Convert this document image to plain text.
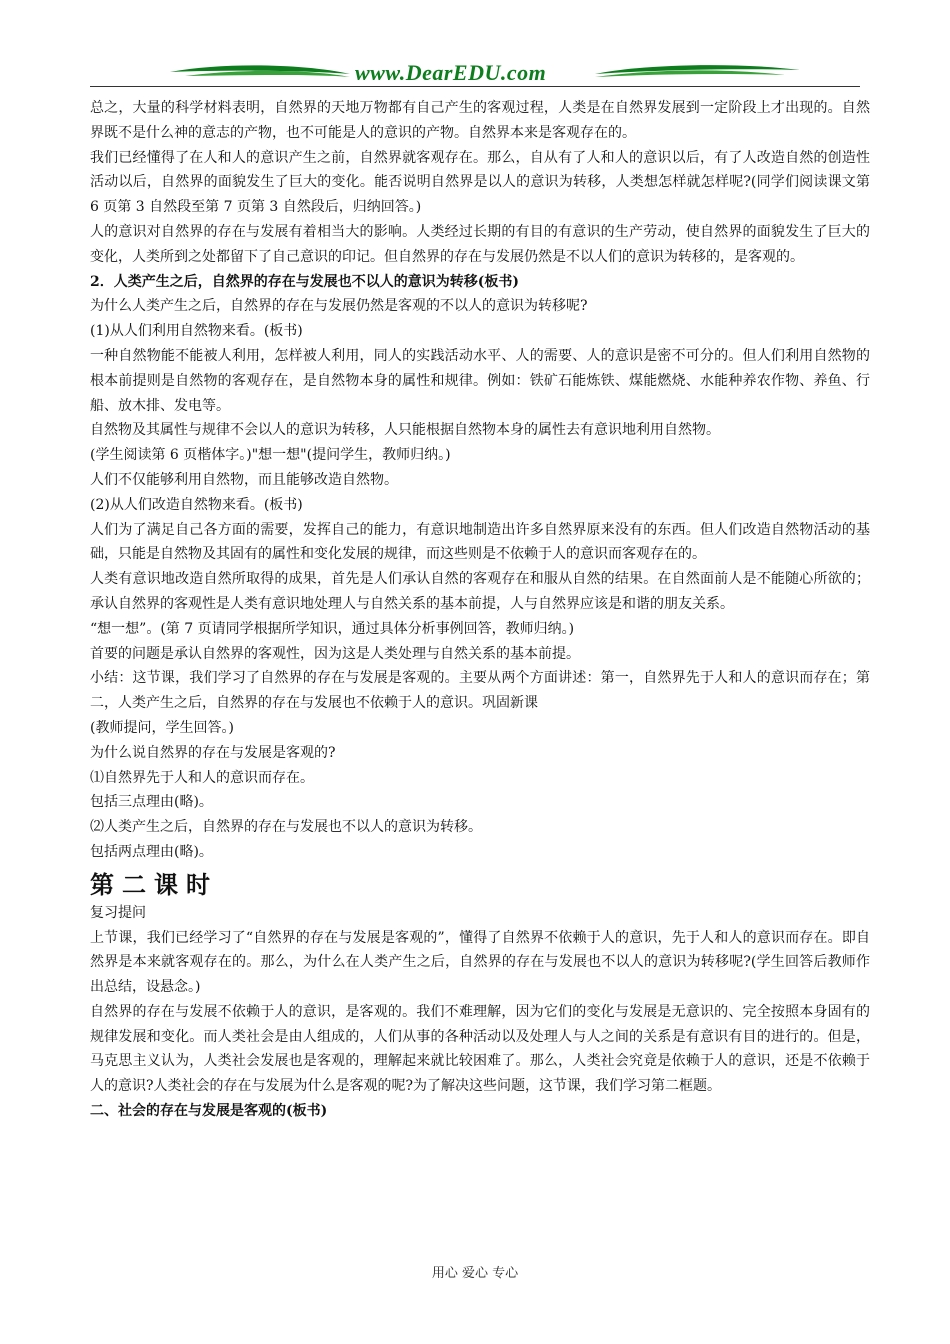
www.DearEDU.com

总之，大量的科学材料表明，自然界的天地万物都有自己产生的客观过程，人类是在自然界发展到一定阶段上才出现的。自然界既不是什么神的意志的产物，也不可能是人的意识的产物。自然界本来是客观存在的。

我们已经懂得了在人和人的意识产生之前，自然界就客观存在。那么，自从有了人和人的意识以后，有了人改造自然的创造性活动以后，自然界的面貌发生了巨大的变化。能否说明自然界是以人的意识为转移，人类想怎样就怎样呢?(同学们阅读课文第 6 页第 3 自然段至第 7 页第 3 自然段后，归纳回答。)

人的意识对自然界的存在与发展有着相当大的影响。人类经过长期的有目的有意识的生产劳动，使自然界的面貌发生了巨大的变化，人类所到之处都留下了自己意识的印记。但自然界的存在与发展仍然是不以人们的意识为转移的，是客观的。

2．人类产生之后，自然界的存在与发展也不以人的意识为转移(板书)

为什么人类产生之后，自然界的存在与发展仍然是客观的不以人的意识为转移呢?

(1)从人们利用自然物来看。(板书)

一种自然物能不能被人利用，怎样被人利用，同人的实践活动水平、人的需要、人的意识是密不可分的。但人们利用自然物的根本前提则是自然物的客观存在，是自然物本身的属性和规律。例如：铁矿石能炼铁、煤能燃烧、水能种养农作物、养鱼、行船、放木排、发电等。

自然物及其属性与规律不会以人的意识为转移，人只能根据自然物本身的属性去有意识地利用自然物。

(学生阅读第 6 页楷体字。)"想一想"(提问学生，教师归纳。)

人们不仅能够利用自然物，而且能够改造自然物。

(2)从人们改造自然物来看。(板书)

人们为了满足自己各方面的需要，发挥自己的能力，有意识地制造出许多自然界原来没有的东西。但人们改造自然物活动的基础，只能是自然物及其固有的属性和变化发展的规律，而这些则是不依赖于人的意识而客观存在的。

人类有意识地改造自然所取得的成果，首先是人们承认自然的客观存在和服从自然的结果。在自然面前人是不能随心所欲的；承认自然界的客观性是人类有意识地处理人与自然关系的基本前提，人与自然界应该是和谐的朋友关系。

“想一想”。(第 7 页请同学根据所学知识，通过具体分析事例回答，教师归纳。)

首要的问题是承认自然界的客观性，因为这是人类处理与自然关系的基本前提。

小结：这节课，我们学习了自然界的存在与发展是客观的。主要从两个方面讲述：第一，自然界先于人和人的意识而存在；第二，人类产生之后，自然界的存在与发展也不依赖于人的意识。巩固新课

(教师提问，学生回答。)

为什么说自然界的存在与发展是客观的?

⑴自然界先于人和人的意识而存在。

包括三点理由(略)。

⑵人类产生之后，自然界的存在与发展也不以人的意识为转移。

包括两点理由(略)。

第二课时

复习提问

上节课，我们已经学习了“自然界的存在与发展是客观的”，懂得了自然界不依赖于人的意识，先于人和人的意识而存在。即自然界是本来就客观存在的。那么，为什么在人类产生之后，自然界的存在与发展也不以人的意识为转移呢?(学生回答后教师作出总结，设悬念。)

自然界的存在与发展不依赖于人的意识，是客观的。我们不难理解，因为它们的变化与发展是无意识的、完全按照本身固有的规律发展和变化。而人类社会是由人组成的，人们从事的各种活动以及处理人与人之间的关系是有意识有目的进行的。但是，马克思主义认为，人类社会发展也是客观的，理解起来就比较困难了。那么，人类社会究竟是依赖于人的意识，还是不依赖于人的意识?人类社会的存在与发展为什么是客观的呢?为了解决这些问题，这节课，我们学习第二框题。

二、社会的存在与发展是客观的(板书)

用心 爱心 专心
